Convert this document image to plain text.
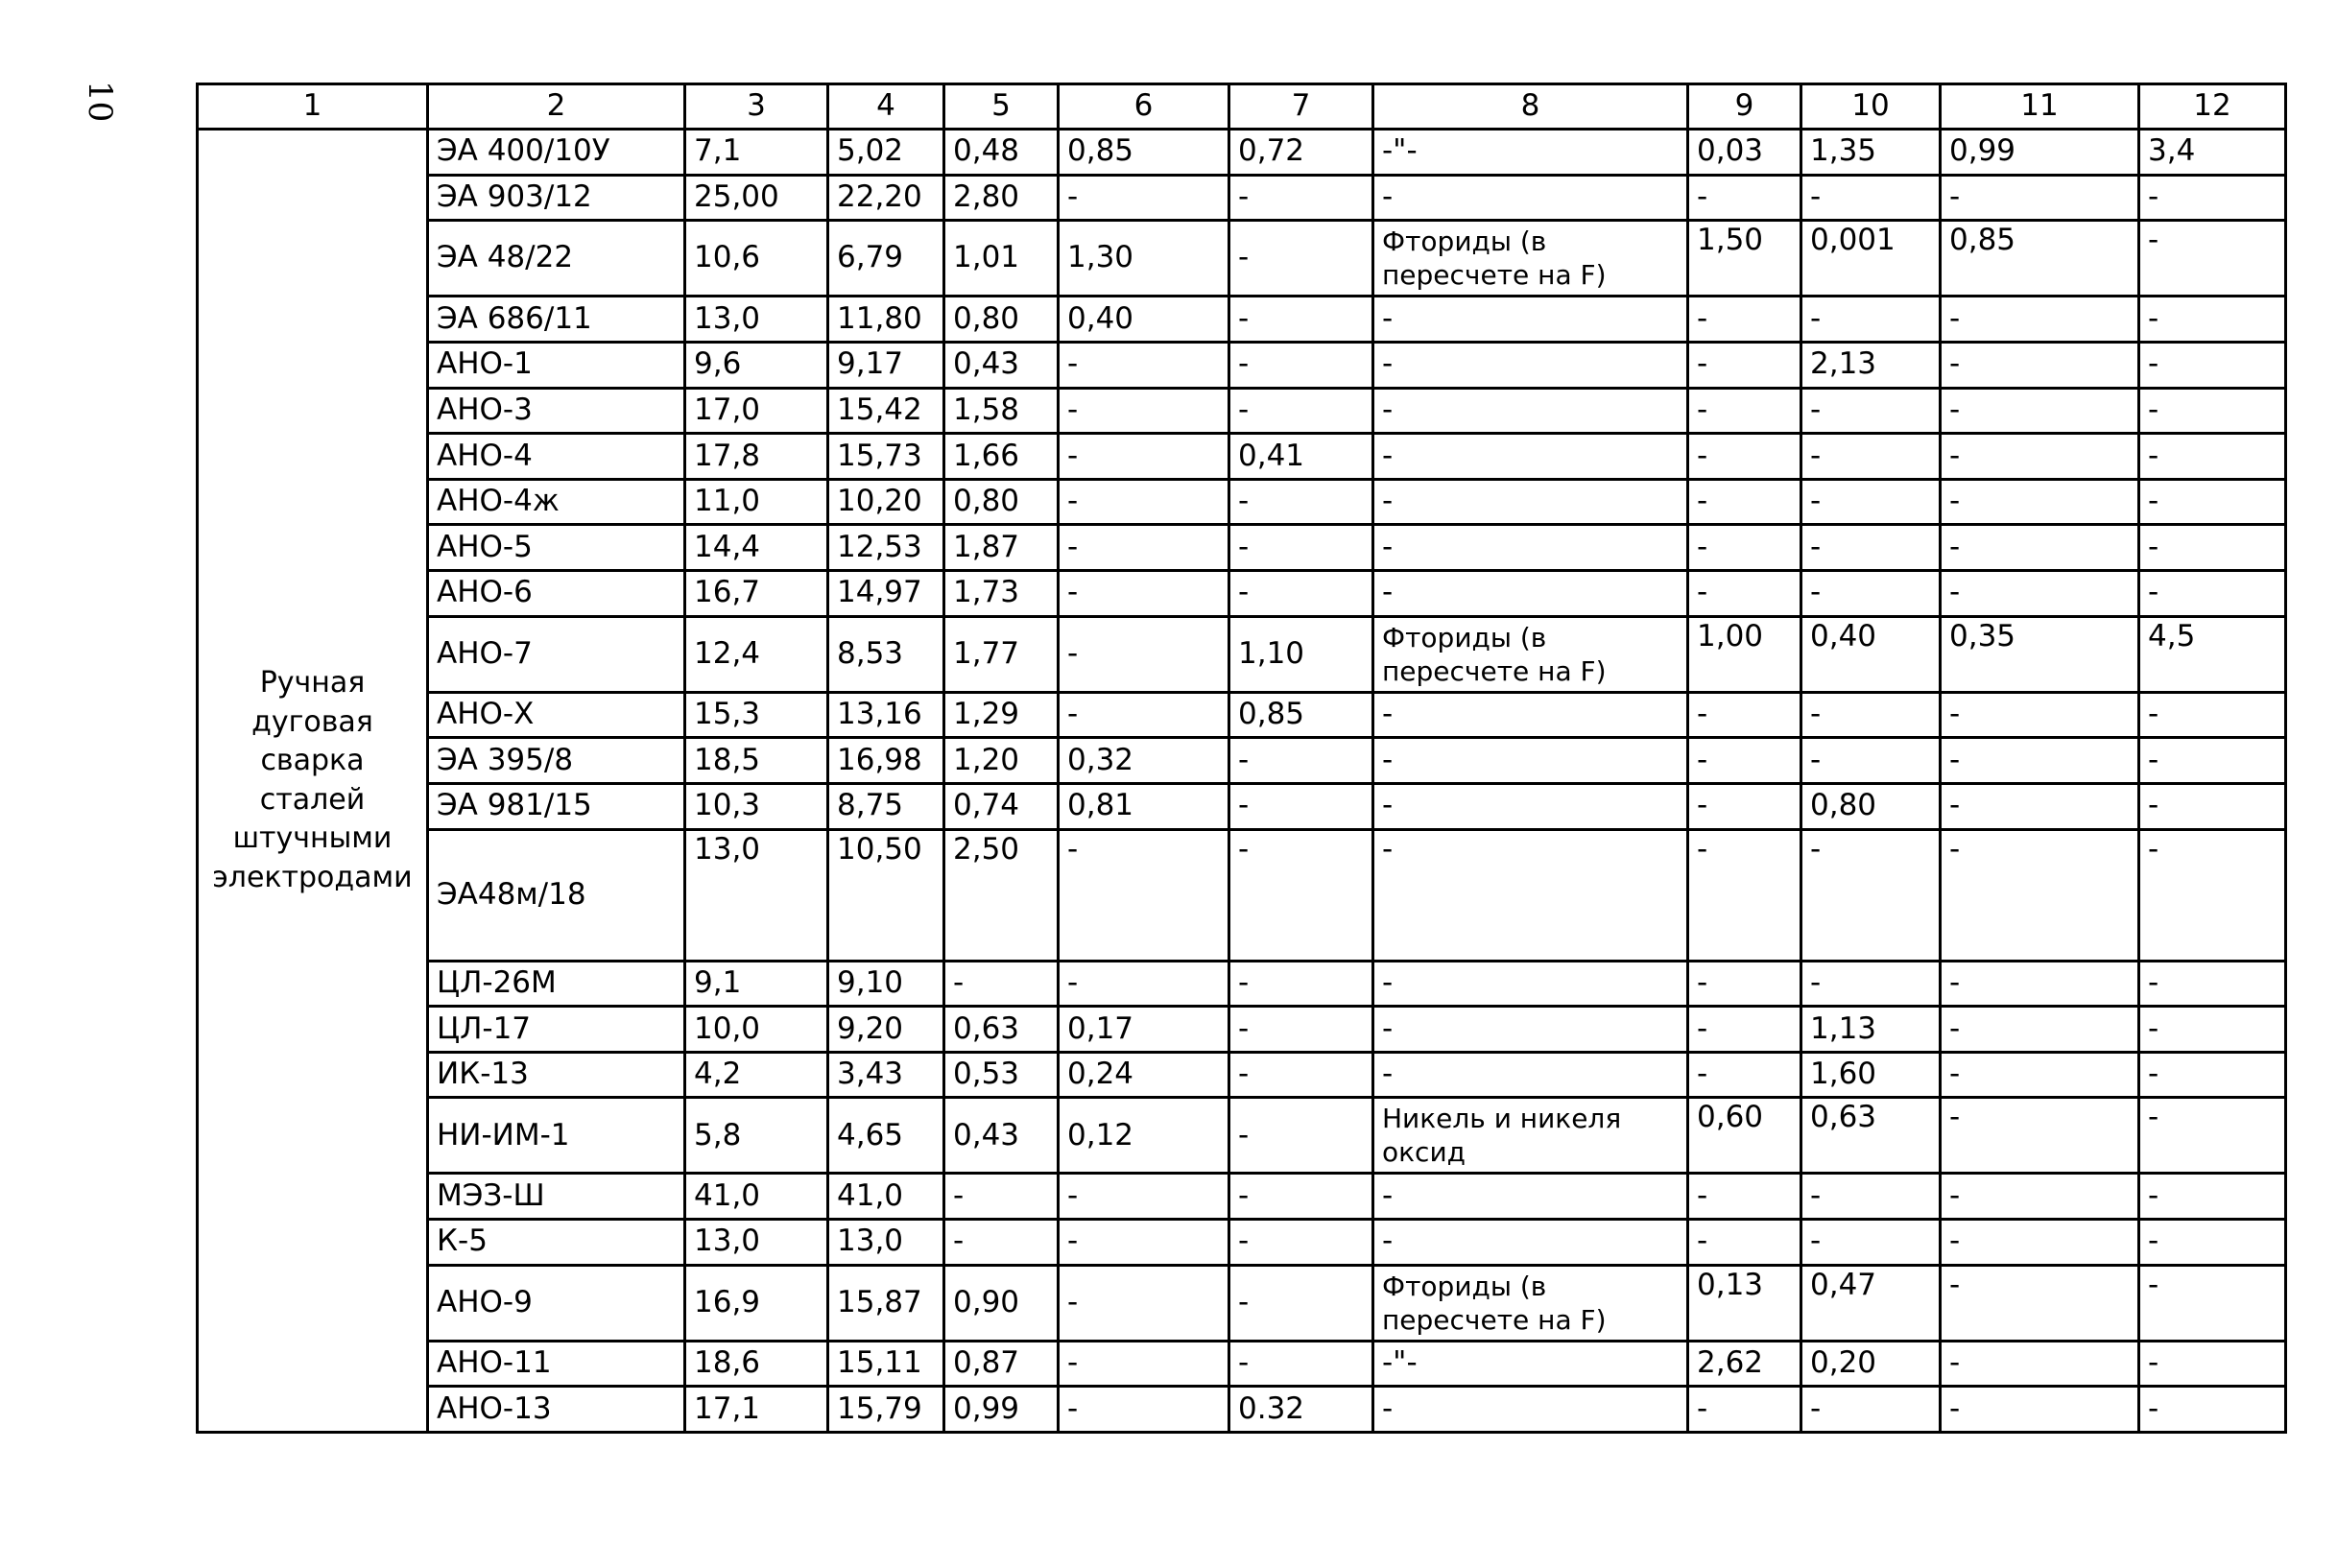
10	1	2	3	4	5	6	7	8	9	10	11	12
Ручная дуговая сварка сталей штучными электродами	ЭА 400/10У	7,1	5,02	0,48	0,85	0,72	-"-	0,03	1,35	0,99	3,4
	ЭА 903/12	25,00	22,20	2,80	-	-	-	-	-	-	-
	ЭА 48/22	10,6	6,79	1,01	1,30	-	Фториды (в пересчете на F)	1,50	0,001	0,85	-
	ЭА 686/11	13,0	11,80	0,80	0,40	-	-	-	-	-	-
	АНО-1	9,6	9,17	0,43	-	-	-	-	2,13	-	-
	АНО-3	17,0	15,42	1,58	-	-	-	-	-	-	-
	АНО-4	17,8	15,73	1,66	-	0,41	-	-	-	-	-
	АНО-4ж	11,0	10,20	0,80	-	-	-	-	-	-	-
	АНО-5	14,4	12,53	1,87	-	-	-	-	-	-	-
	АНО-6	16,7	14,97	1,73	-	-	-	-	-	-	-
	АНО-7	12,4	8,53	1,77	-	1,10	Фториды (в пересчете на F)	1,00	0,40	0,35	4,5
	АНО-Х	15,3	13,16	1,29	-	0,85	-	-	-	-	-
	ЭА 395/8	18,5	16,98	1,20	0,32	-	-	-	-	-	-
	ЭА 981/15	10,3	8,75	0,74	0,81	-	-	-	0,80	-	-
	ЭА48м/18	13,0	10,50	2,50	-	-	-	-	-	-	-
	ЦЛ-26М	9,1	9,10	-	-	-	-	-	-	-	-
	ЦЛ-17	10,0	9,20	0,63	0,17	-	-	-	1,13	-	-
	ИК-13	4,2	3,43	0,53	0,24	-	-	-	1,60	-	-
	НИ-ИМ-1	5,8	4,65	0,43	0,12	-	Никель и никеля оксид	0,60	0,63	-	-
	МЭЗ-Ш	41,0	41,0	-	-	-	-	-	-	-	-
	К-5	13,0	13,0	-	-	-	-	-	-	-	-
	АНО-9	16,9	15,87	0,90	-	-	Фториды (в пересчете на F)	0,13	0,47	-	-
	АНО-11	18,6	15,11	0,87	-	-	-"-	2,62	0,20	-	-
	АНО-13	17,1	15,79	0,99	-	0.32	-	-	-	-	-
